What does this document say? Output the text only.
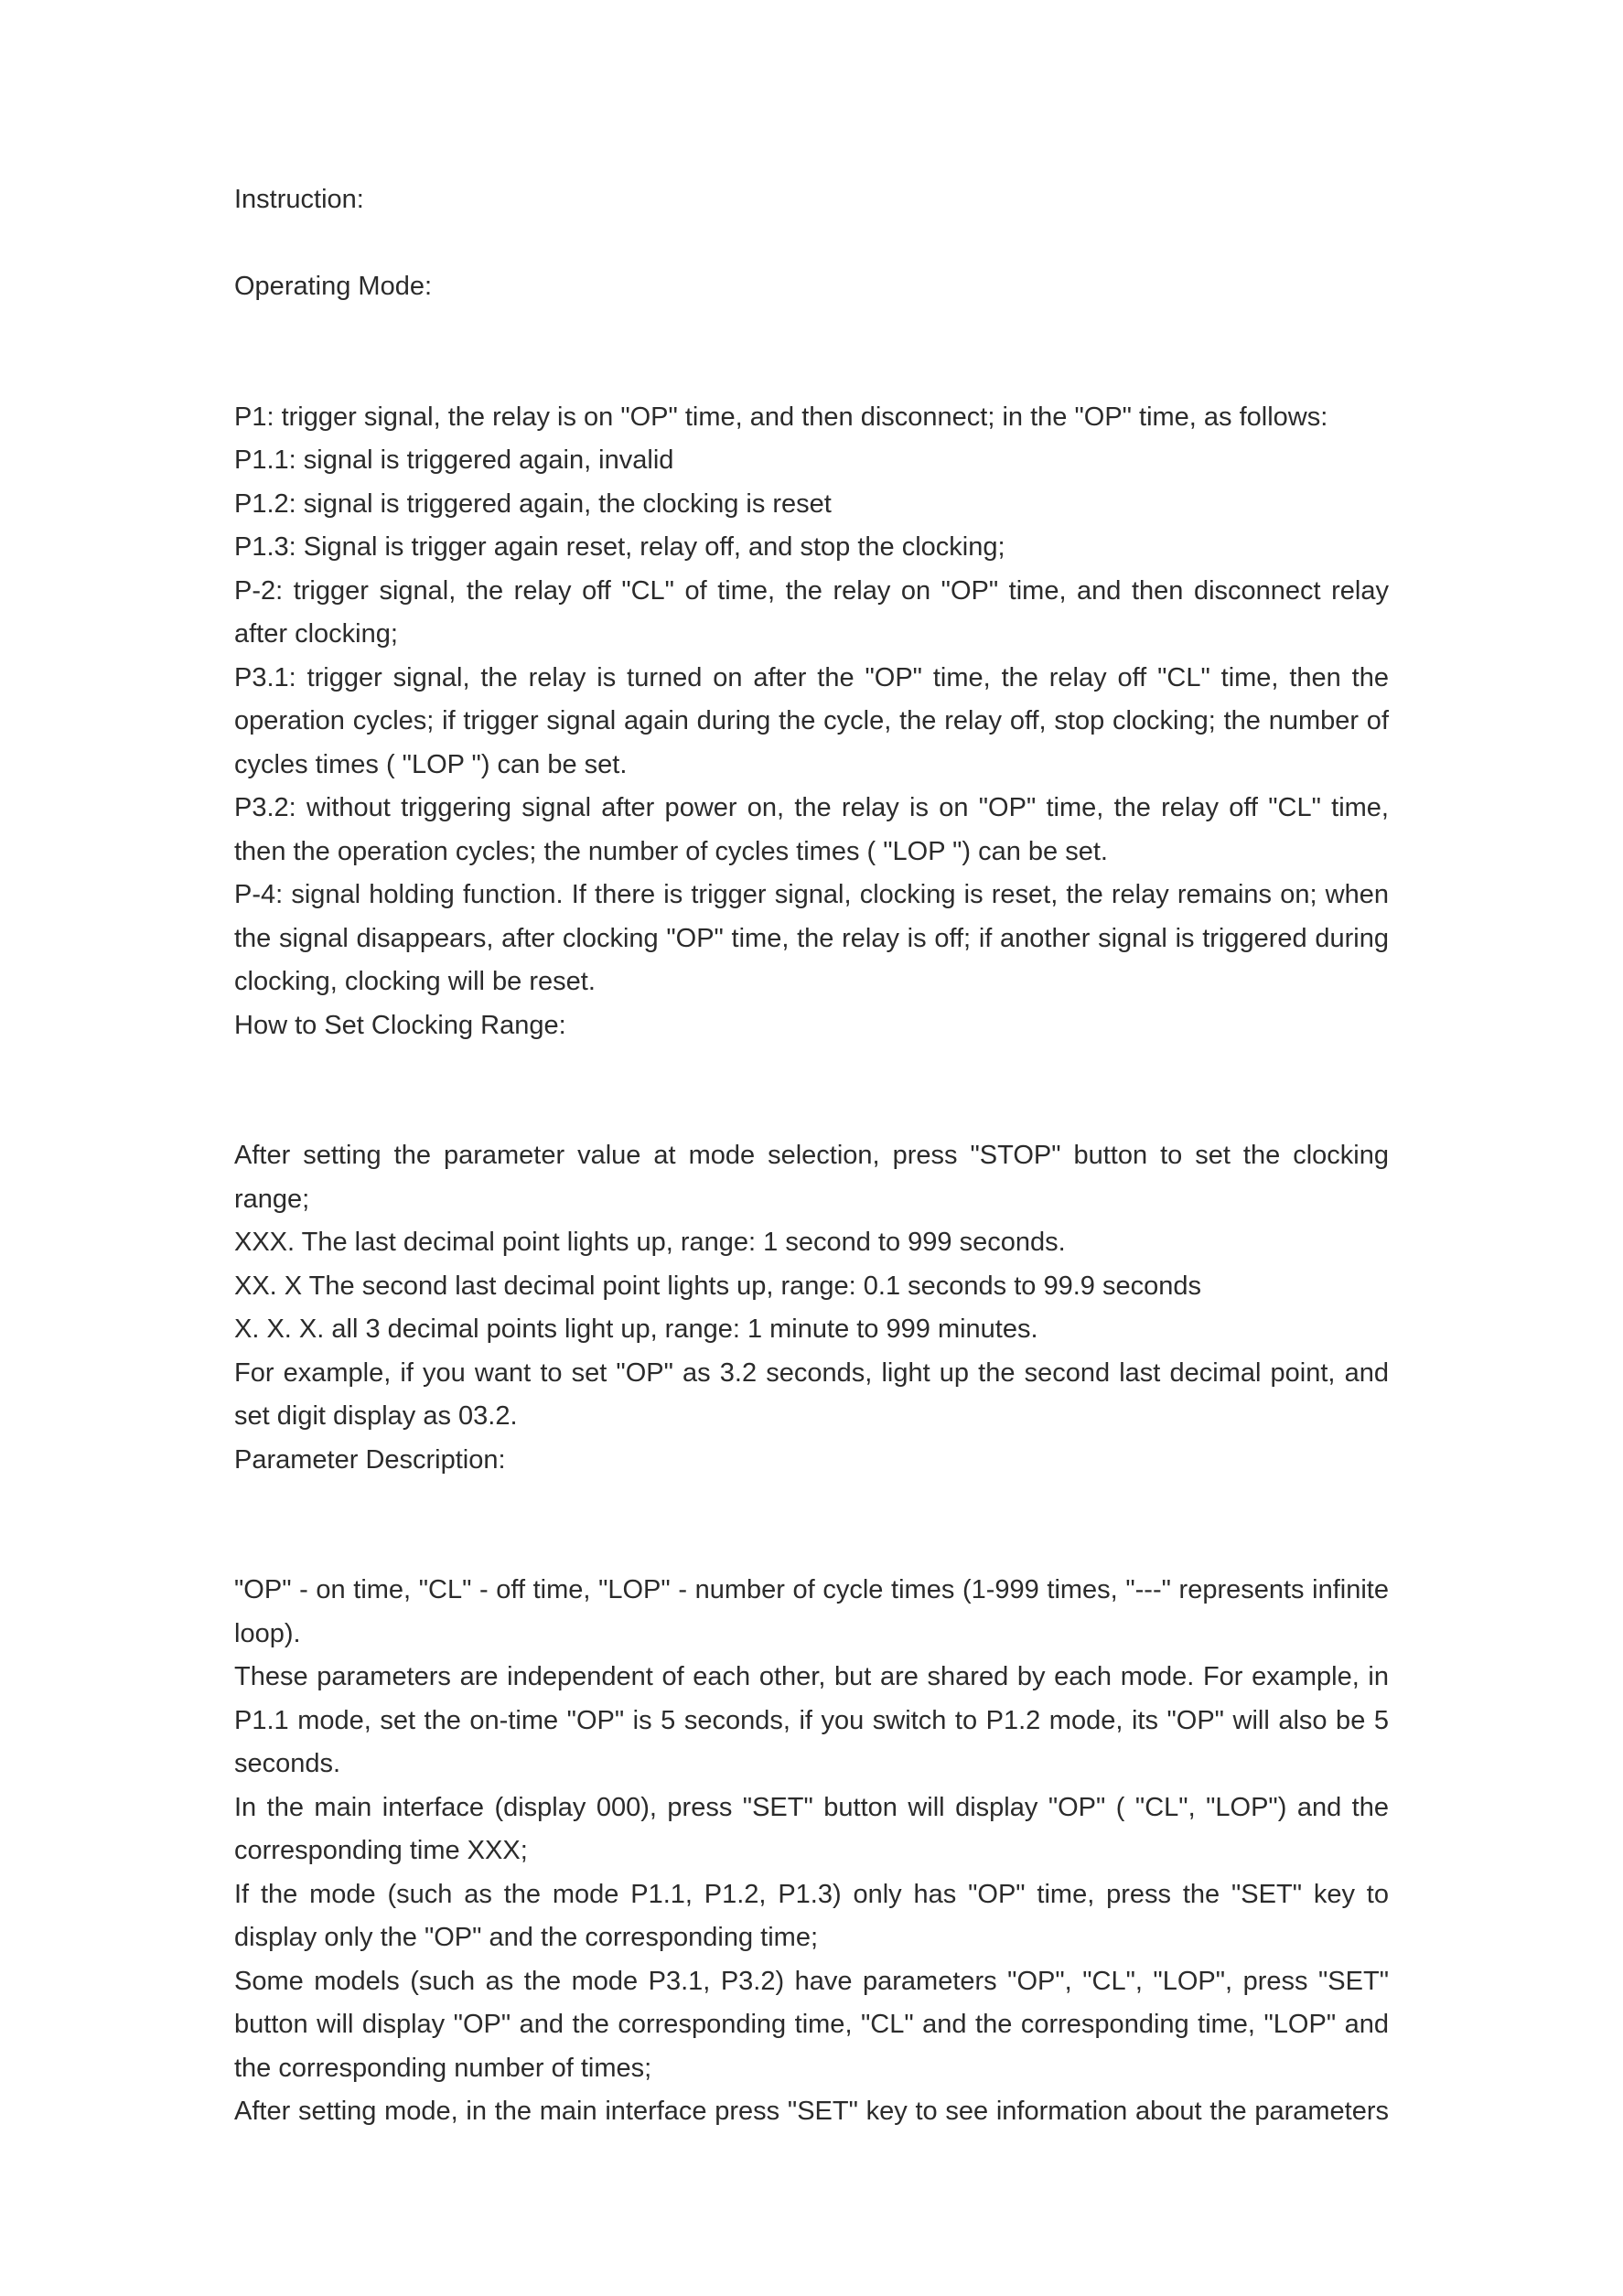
Instruction:

Operating Mode:

P1: trigger signal, the relay is on "OP" time, and then disconnect; in the "OP" time, as follows:

P1.1: signal is triggered again, invalid

P1.2: signal is triggered again, the clocking is reset

P1.3: Signal is trigger again reset, relay off, and stop the clocking;

P-2: trigger signal, the relay off "CL" of time, the relay on "OP" time, and then disconnect relay after clocking;

P3.1: trigger signal, the relay is turned on after the "OP" time, the relay off "CL" time, then the operation cycles; if trigger signal again during the cycle, the relay off, stop clocking; the number of cycles times ( "LOP ") can be set.

P3.2: without triggering signal after power on, the relay is on "OP" time, the relay off "CL" time, then the operation cycles; the number of cycles times ( "LOP ") can be set.

P-4: signal holding function. If there is trigger signal, clocking is reset, the relay remains on; when the signal disappears, after clocking "OP" time, the relay is off; if another signal is triggered during clocking, clocking will be reset.

How to Set Clocking Range:

After setting the parameter value at mode selection, press "STOP" button to set the clocking range;

XXX. The last decimal point lights up, range: 1 second to 999 seconds.

XX. X The second last decimal point lights up, range: 0.1 seconds to 99.9 seconds

X. X. X. all 3 decimal points light up, range: 1 minute to 999 minutes.

For example, if you want to set "OP" as 3.2 seconds, light up the second last decimal point, and set digit display as 03.2.

Parameter Description:

"OP" - on time, "CL" - off time, "LOP" - number of cycle times (1-999 times, "---" represents infinite loop).

These parameters are independent of each other, but are shared by each mode. For example, in P1.1 mode, set the on-time "OP" is 5 seconds, if you switch to P1.2 mode, its "OP" will also be 5 seconds.

In the main interface (display 000), press "SET" button will display "OP" ( "CL", "LOP") and the corresponding time XXX;

If the mode (such as the mode P1.1, P1.2, P1.3) only has "OP" time, press the "SET" key to display only the "OP" and the corresponding time;

Some models (such as the mode P3.1, P3.2) have parameters "OP", "CL", "LOP", press "SET" button will display "OP" and the corresponding time, "CL" and the corresponding time, "LOP" and the corresponding number of times;

After setting mode, in the main interface press "SET" key to see information about the parameters
